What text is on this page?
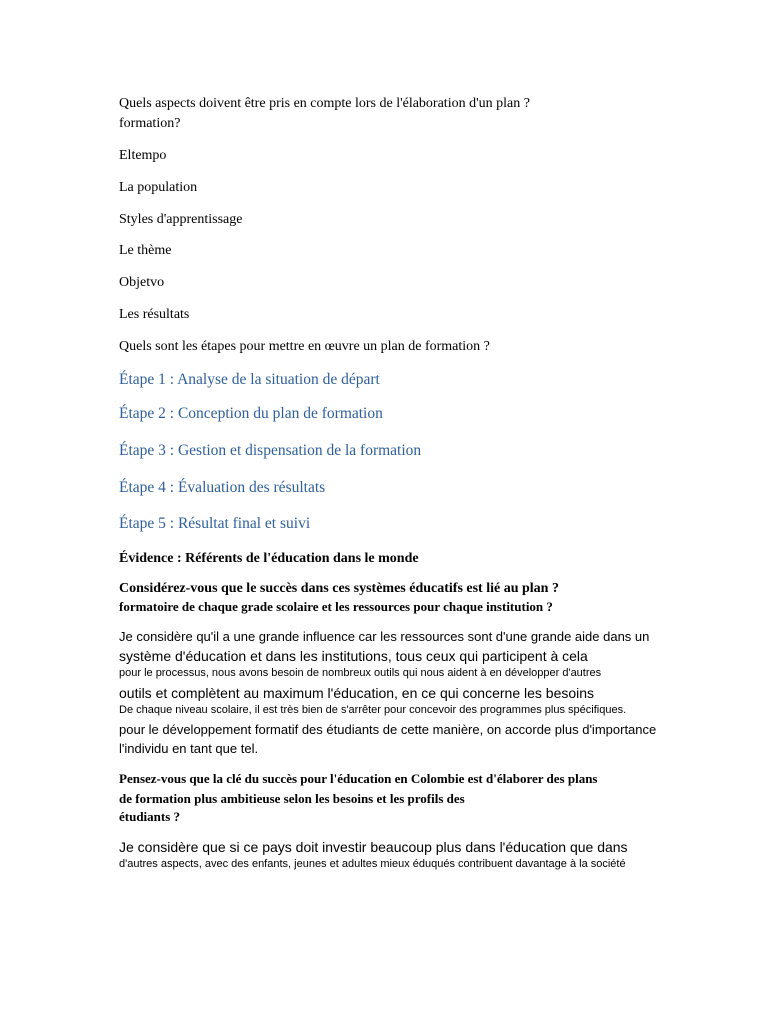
Quels aspects doivent être pris en compte lors de l'élaboration d'un plan ?

formation?

Eltempo

La population

Styles d'apprentissage

Le thème

Objetvo

Les résultats

Quels sont les étapes pour mettre en œuvre un plan de formation ?

Étape 1 : Analyse de la situation de départ

Étape 2 : Conception du plan de formation

Étape 3 : Gestion et dispensation de la formation

Étape 4 : Évaluation des résultats

Étape 5 : Résultat final et suivi

Évidence : Référents de l'éducation dans le monde

Considérez-vous que le succès dans ces systèmes éducatifs est lié au plan ?

formatoire de chaque grade scolaire et les ressources pour chaque institution ?

Je considère qu'il a une grande influence car les ressources sont d'une grande aide dans un

système d'éducation et dans les institutions, tous ceux qui participent à cela

pour le processus, nous avons besoin de nombreux outils qui nous aident à en développer d'autres

outils et complètent au maximum l'éducation, en ce qui concerne les besoins

De chaque niveau scolaire, il est très bien de s'arrêter pour concevoir des programmes plus spécifiques.

pour le développement formatif des étudiants de cette manière, on accorde plus d'importance

l'individu en tant que tel.

Pensez-vous que la clé du succès pour l'éducation en Colombie est d'élaborer des plans

de formation plus ambitieuse selon les besoins et les profils des

étudiants ?

Je considère que si ce pays doit investir beaucoup plus dans l'éducation que dans

d'autres aspects, avec des enfants, jeunes et adultes mieux éduqués contribuent davantage à la société
